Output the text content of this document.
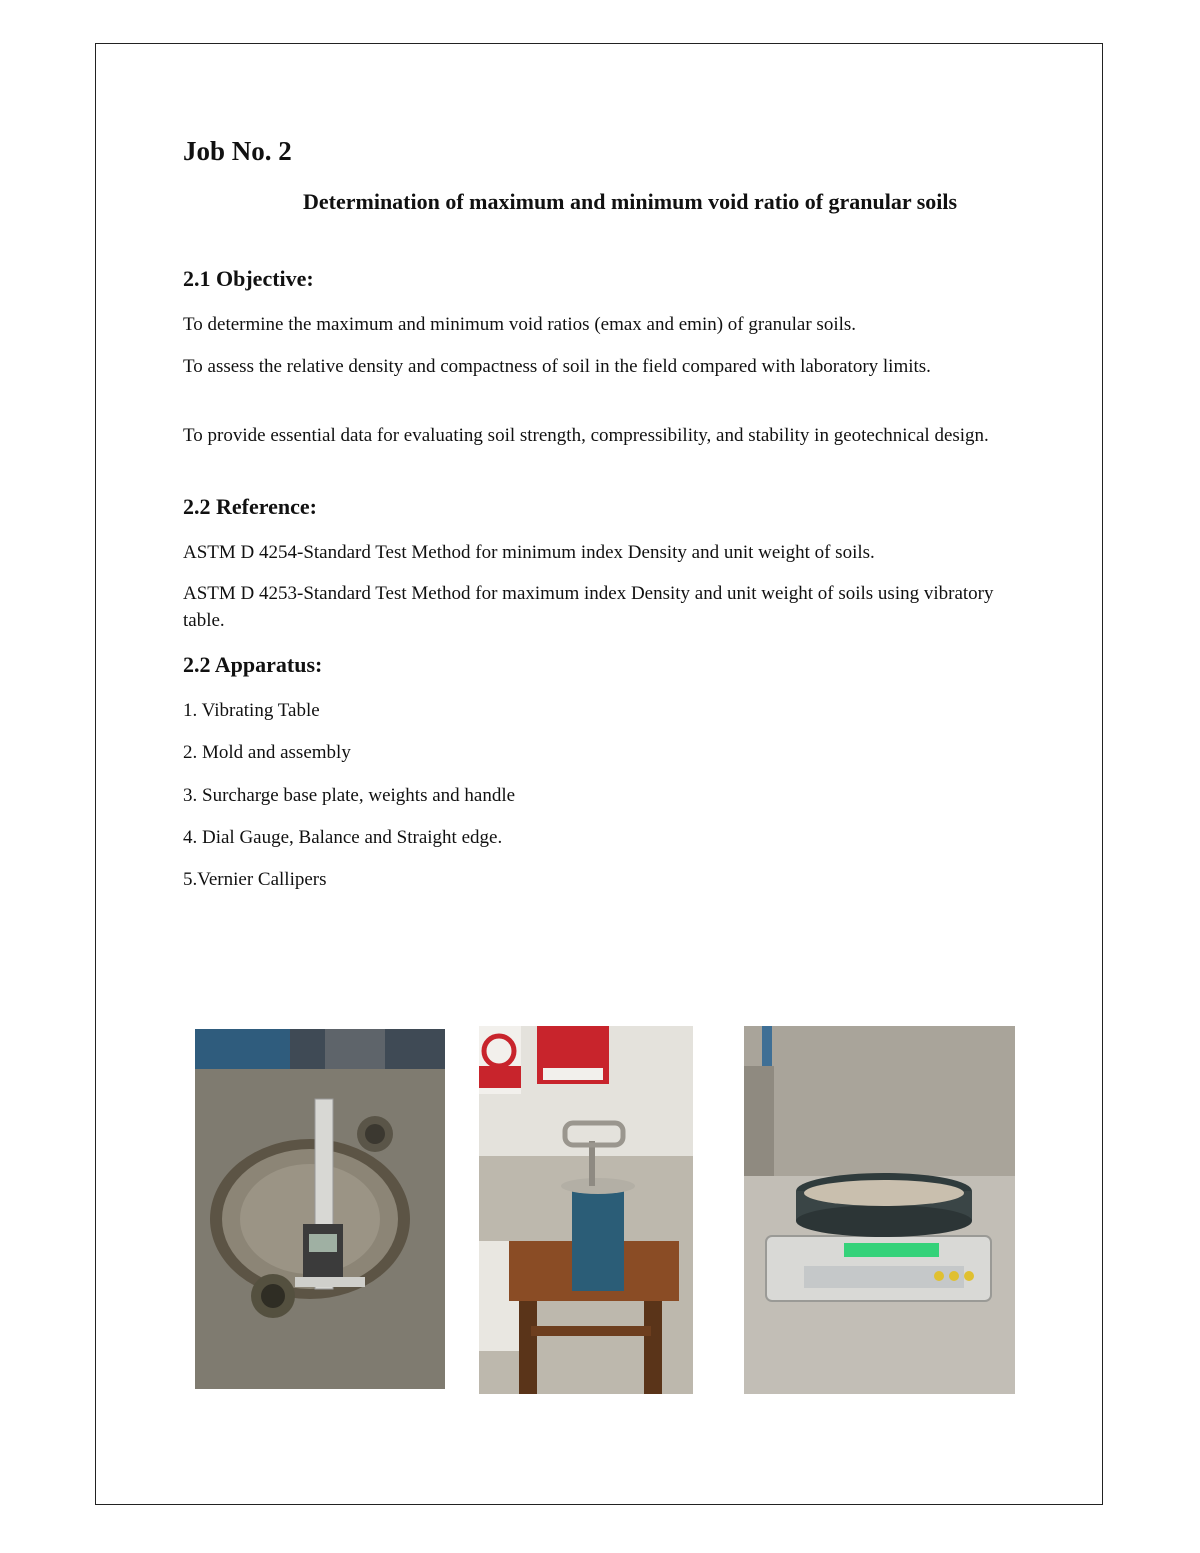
Job No. 2
Determination of maximum and minimum void ratio of granular soils
2.1 Objective:

To determine the maximum and minimum void ratios (emax and emin) of granular soils.

To assess the relative density and compactness of soil in the field compared with laboratory limits.

To provide essential data for evaluating soil strength, compressibility, and stability in geotechnical design.

2.2 Reference:

ASTM D 4254-Standard Test Method for minimum index Density and unit weight of soils.

ASTM D 4253-Standard Test Method for maximum index Density and unit weight of soils using vibratory table.

2.2 Apparatus:

1. Vibrating Table

2. Mold and assembly

3. Surcharge base plate, weights and handle

4. Dial Gauge, Balance and Straight edge.

5.Vernier Callipers
